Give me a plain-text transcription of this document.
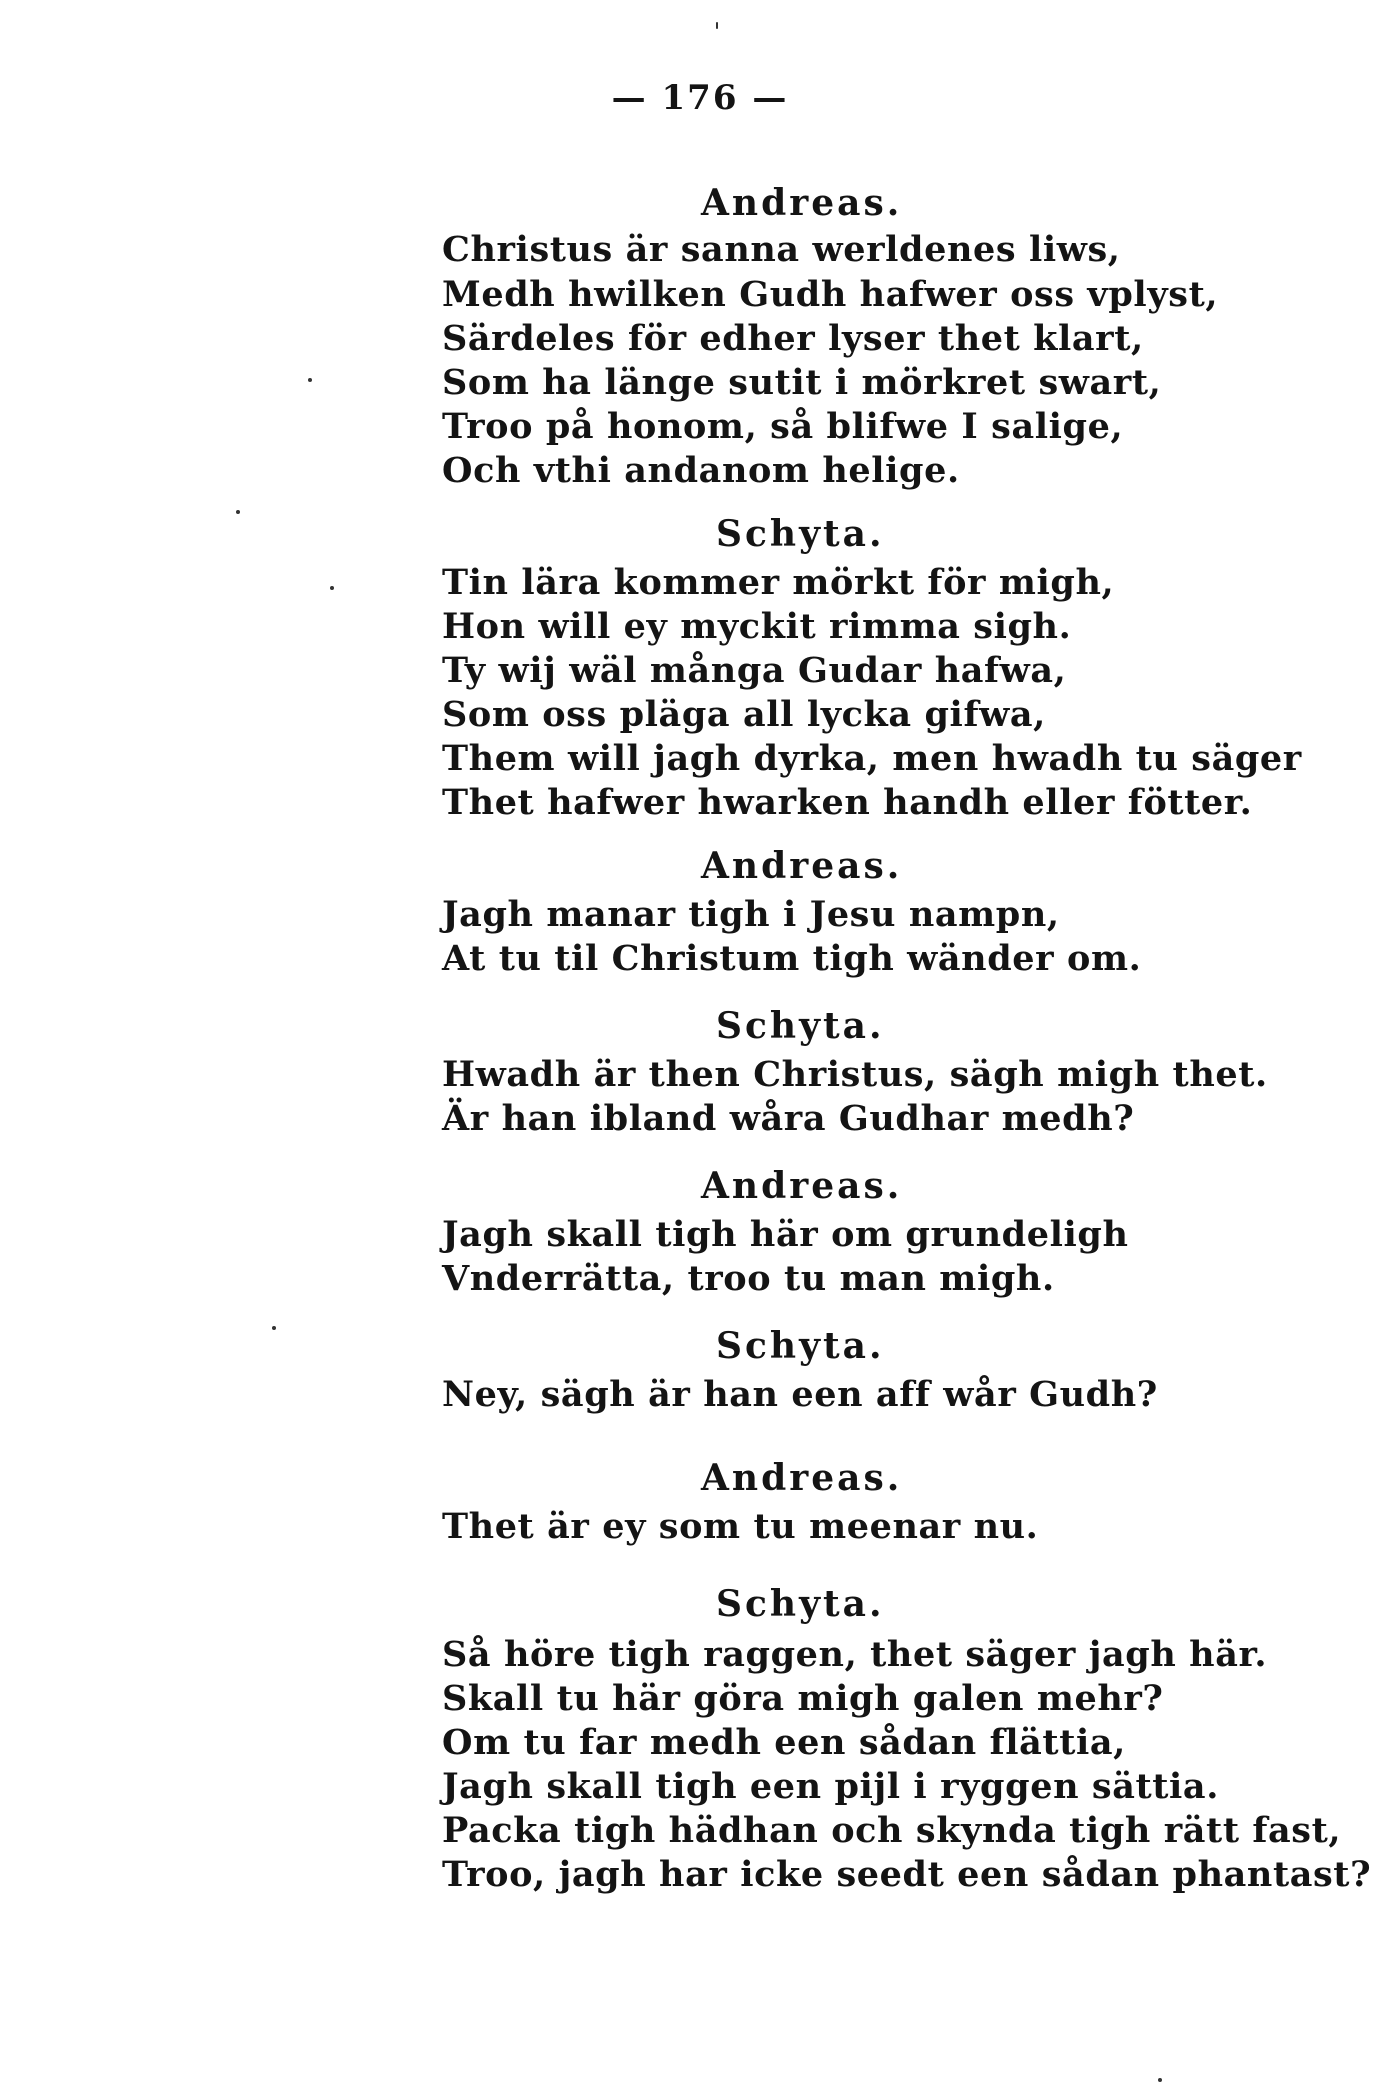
— 176 —
Andreas.
Christus är sanna werldenes liws,
Medh hwilken Gudh hafwer oss vplyst,
Särdeles för edher lyser thet klart,
Som ha länge sutit i mörkret swart,
Troo på honom, så blifwe I salige,
Och vthi andanom helige.
Schyta.
Tin lära kommer mörkt för migh,
Hon will ey myckit rimma sigh.
Ty wij wäl många Gudar hafwa,
Som oss pläga all lycka gifwa,
Them will jagh dyrka, men hwadh tu säger
Thet hafwer hwarken handh eller fötter.
Andreas.
Jagh manar tigh i Jesu nampn,
At tu til Christum tigh wänder om.
Schyta.
Hwadh är then Christus, sägh migh thet.
Är han ibland wåra Gudhar medh?
Andreas.
Jagh skall tigh här om grundeligh
Vnderrätta, troo tu man migh.
Schyta.
Ney, sägh är han een aff wår Gudh?
Andreas.
Thet är ey som tu meenar nu.
Schyta.
Så höre tigh raggen, thet säger jagh här.
Skall tu här göra migh galen mehr?
Om tu far medh een sådan flättia,
Jagh skall tigh een pijl i ryggen sättia.
Packa tigh hädhan och skynda tigh rätt fast,
Troo, jagh har icke seedt een sådan phantast?
